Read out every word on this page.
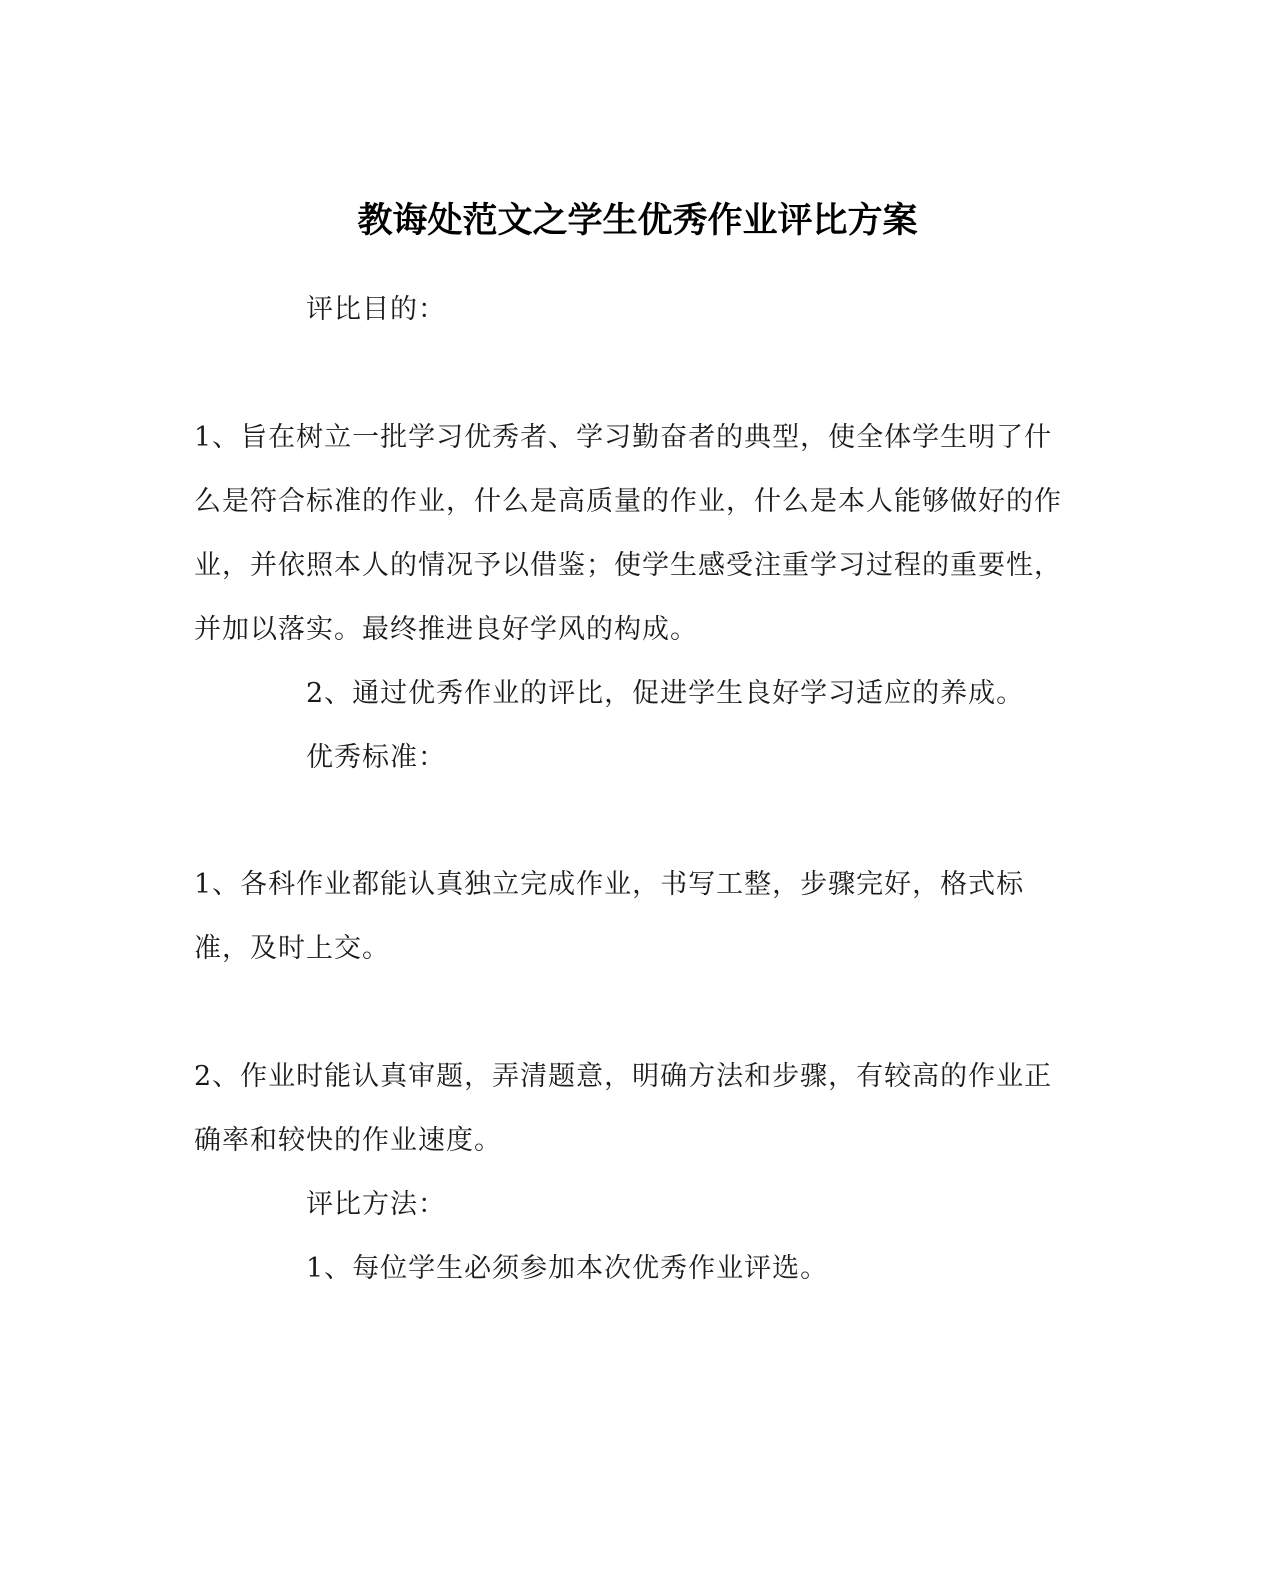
教诲处范文之学生优秀作业评比方案

评比目的：

1、旨在树立一批学习优秀者、学习勤奋者的典型，使全体学生明了什么是符合标准的作业，什么是高质量的作业，什么是本人能够做好的作业，并依照本人的情况予以借鉴；使学生感受注重学习过程的重要性，并加以落实。最终推进良好学风的构成。

2、通过优秀作业的评比，促进学生良好学习适应的养成。

优秀标准：

1、各科作业都能认真独立完成作业，书写工整，步骤完好，格式标准，及时上交。

2、作业时能认真审题，弄清题意，明确方法和步骤，有较高的作业正确率和较快的作业速度。

评比方法：

1、每位学生必须参加本次优秀作业评选。
